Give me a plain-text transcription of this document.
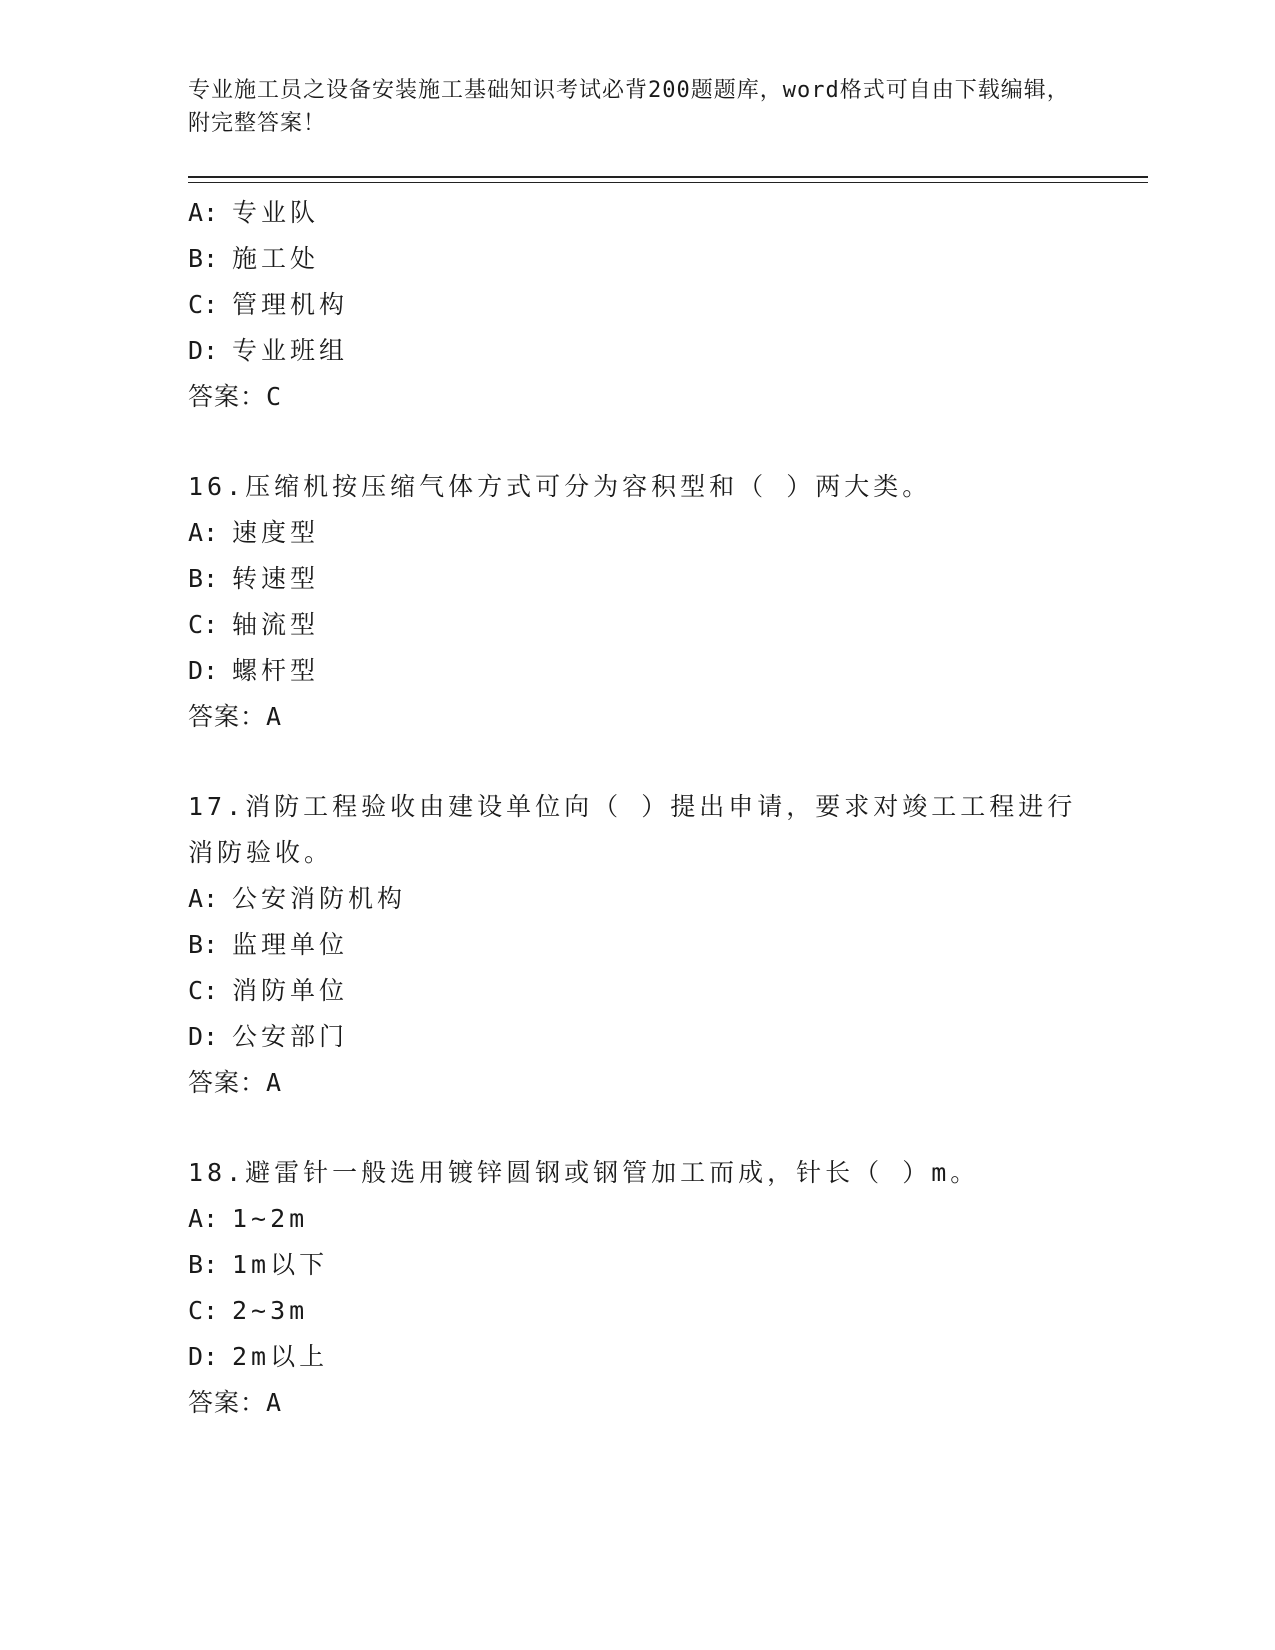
专业施工员之设备安装施工基础知识考试必背200题题库，word格式可自由下载编辑，附完整答案！
A: 专业队
B: 施工处
C: 管理机构
D: 专业班组
答案：C
16.压缩机按压缩气体方式可分为容积型和（ ）两大类。
A: 速度型
B: 转速型
C: 轴流型
D: 螺杆型
答案：A
17.消防工程验收由建设单位向（ ）提出申请，要求对竣工工程进行消防验收。
A: 公安消防机构
B: 监理单位
C: 消防单位
D: 公安部门
答案：A
18.避雷针一般选用镀锌圆钢或钢管加工而成，针长（ ）m。
A: 1~2m
B: 1m以下
C: 2~3m
D: 2m以上
答案：A
